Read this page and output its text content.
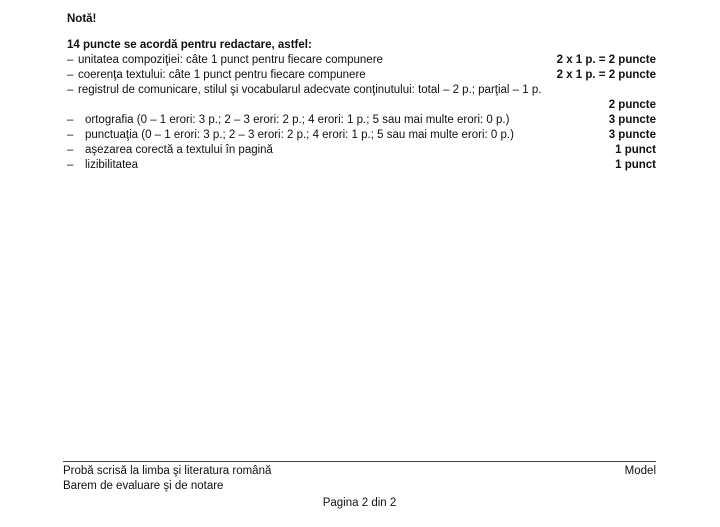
Notă!
14 puncte se acordă pentru redactare, astfel:
– unitatea compoziţiei: câte 1 punct pentru fiecare compunere	2 x 1 p. = 2 puncte
– coerenţa textului: câte 1 punct pentru fiecare compunere	2 x 1 p. = 2 puncte
– registrul de comunicare, stilul şi vocabularul adecvate conţinutului: total – 2 p.; parţial – 1 p.
2 puncte
– ortografia (0 – 1 erori: 3 p.; 2 – 3 erori: 2 p.; 4 erori: 1 p.; 5 sau mai multe erori: 0 p.)	3 puncte
– punctuaţia (0 – 1 erori: 3 p.; 2 – 3 erori: 2 p.; 4 erori: 1 p.; 5 sau mai multe erori: 0 p.)	3 puncte
– aşezarea corectă a textului în pagină	1 punct
– lizibilitatea	1 punct
Probă scrisă la limba şi literatura română
Barem de evaluare şi de notare
Model
Pagina 2 din 2
